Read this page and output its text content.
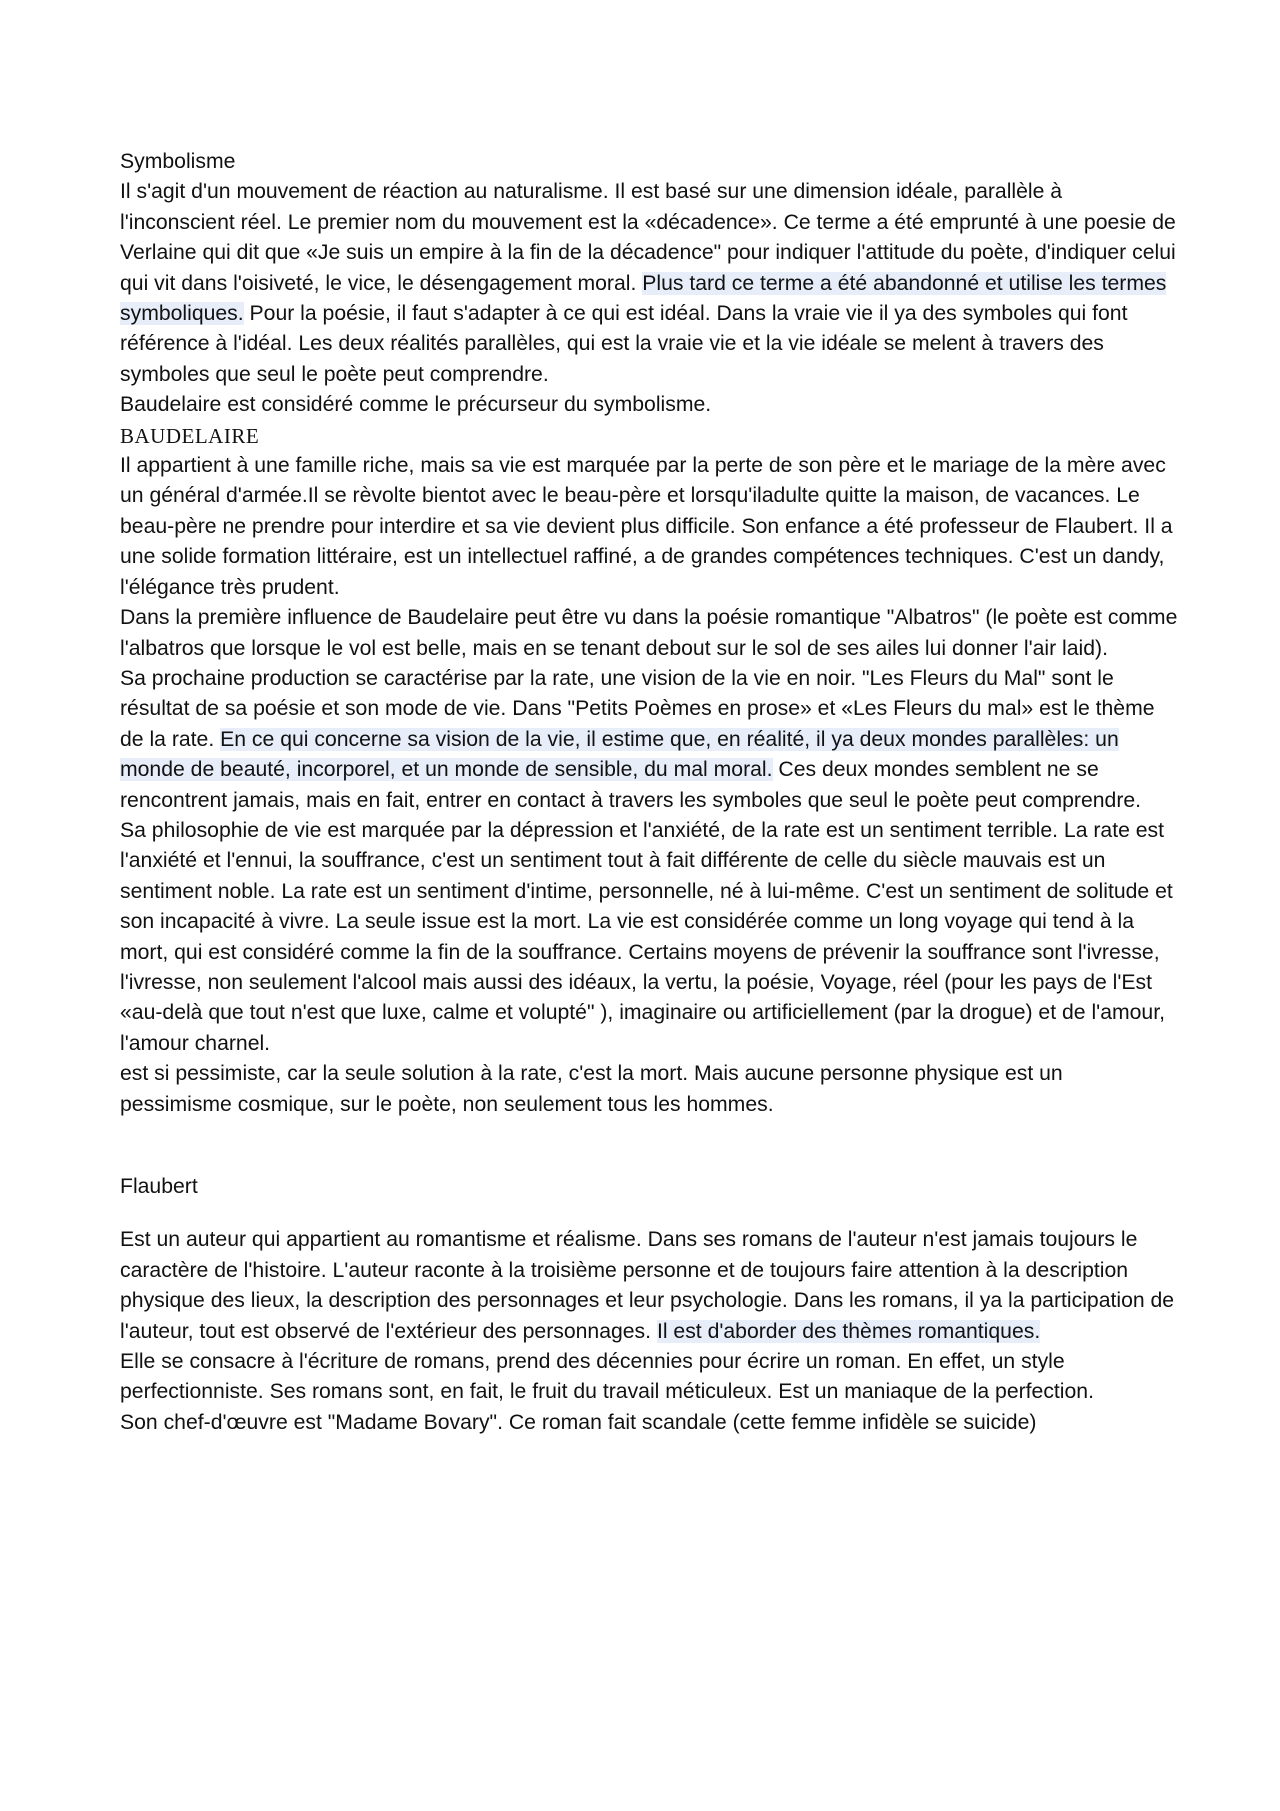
Symbolisme

Il s'agit d'un mouvement de réaction au naturalisme. Il est basé sur une dimension idéale, parallèle à l'inconscient réel. Le premier nom du mouvement est la «décadence». Ce terme a été emprunté à une poesie de Verlaine qui dit que «Je suis un empire à la fin de la décadence" pour indiquer l'attitude du poète, d'indiquer celui qui vit dans l'oisiveté, le vice, le désengagement moral. Plus tard ce terme a été abandonné et utilise les termes symboliques. Pour la poésie, il faut s'adapter à ce qui est idéal. Dans la vraie vie il ya des symboles qui font référence à l'idéal. Les deux réalités parallèles, qui est la vraie vie et la vie idéale se melent à travers des symboles que seul le poète peut comprendre.

Baudelaire est considéré comme le précurseur du symbolisme.

BAUDELAIRE

Il appartient à une famille riche, mais sa vie est marquée par la perte de son père et le mariage de la mère avec un général d'armée.Il se rèvolte bientot avec le beau-père et lorsqu'iladulte quitte la maison, de vacances. Le beau-père ne prendre pour interdire et sa vie devient plus difficile. Son enfance a été professeur de Flaubert. Il a une solide formation littéraire, est un intellectuel raffiné, a de grandes compétences techniques. C'est un dandy, l'élégance très prudent.

Dans la première influence de Baudelaire peut être vu dans la poésie romantique "Albatros" (le poète est comme l'albatros que lorsque le vol est belle, mais en se tenant debout sur le sol de ses ailes lui donner l'air laid).

Sa prochaine production se caractérise par la rate, une vision de la vie en noir. "Les Fleurs du Mal" sont le résultat de sa poésie et son mode de vie. Dans "Petits Poèmes en prose» et «Les Fleurs du mal» est le thème de la rate. En ce qui concerne sa vision de la vie, il estime que, en réalité, il ya deux mondes parallèles: un monde de beauté, incorporel, et un monde de sensible, du mal moral. Ces deux mondes semblent ne se rencontrent jamais, mais en fait, entrer en contact à travers les symboles que seul le poète peut comprendre.

Sa philosophie de vie est marquée par la dépression et l'anxiété, de la rate est un sentiment terrible. La rate est l'anxiété et l'ennui, la souffrance, c'est un sentiment tout à fait différente de celle du siècle mauvais est un sentiment noble. La rate est un sentiment d'intime, personnelle, né à lui-même. C'est un sentiment de solitude et son incapacité à vivre. La seule issue est la mort. La vie est considérée comme un long voyage qui tend à la mort, qui est considéré comme la fin de la souffrance. Certains moyens de prévenir la souffrance sont l'ivresse, l'ivresse, non seulement l'alcool mais aussi des idéaux, la vertu, la poésie, Voyage, réel (pour les pays de l'Est «au-delà que tout n'est que luxe, calme et volupté" ), imaginaire ou artificiellement (par la drogue) et de l'amour, l'amour charnel.

est si pessimiste, car la seule solution à la rate, c'est la mort. Mais aucune personne physique est un pessimisme cosmique, sur le poète, non seulement tous les hommes.

Flaubert

Est un auteur qui appartient au romantisme et réalisme. Dans ses romans de l'auteur n'est jamais toujours le caractère de l'histoire. L'auteur raconte à la troisième personne et de toujours faire attention à la description physique des lieux, la description des personnages et leur psychologie. Dans les romans, il ya la participation de l'auteur, tout est observé de l'extérieur des personnages. Il est d'aborder des thèmes romantiques.

Elle se consacre à l'écriture de romans, prend des décennies pour écrire un roman. En effet, un style perfectionniste. Ses romans sont, en fait, le fruit du travail méticuleux. Est un maniaque de la perfection.

Son chef-d'œuvre est "Madame Bovary". Ce roman fait scandale (cette femme infidèle se suicide)
